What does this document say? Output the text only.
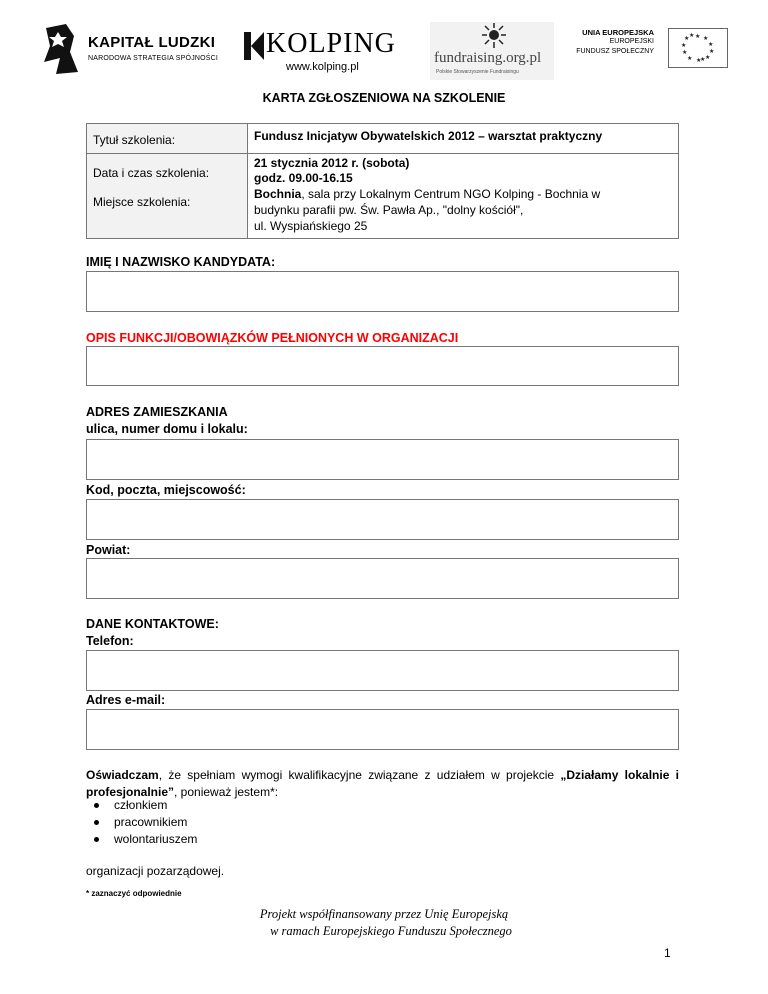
KAPITAŁ LUDZKI
NARODOWA STRATEGIA SPÓJNOŚCI KOLPING
www.kolping.pl
fundraising.org.pl
Polskie Stowarzyszenie Fundraisingu
UNIA EUROPEJSKA
EUROPEJSKI
FUNDUSZ SPOŁECZNY
★ ★
★
★
★
★
★
★
★
★ ★
★
KARTA ZGŁOSZENIOWA NA SZKOLENIE
Tytuł szkolenia:	Fundusz Inicjatyw Obywatelskich 2012 – warsztat praktyczny
Data i czas szkolenia:
Miejsce szkolenia:
21 stycznia 2012 r. (sobota)
godz. 09.00-16.15
Bochnia, sala przy Lokalnym Centrum NGO Kolping - Bochnia w
budynku parafii pw. Św. Pawła Ap., "dolny kościół",
ul. Wyspiańskiego 25
IMIĘ I NAZWISKO KANDYDATA:
OPIS FUNKCJI/OBOWIĄZKÓW PEŁNIONYCH W ORGANIZACJI
ADRES ZAMIESZKANIA
ulica, numer domu i lokalu:
Kod, poczta, miejscowość:
Powiat:
DANE KONTAKTOWE:
Telefon:
Adres e-mail:
Oświadczam, że spełniam wymogi kwalifikacyjne związane z udziałem w projekcie „Działamy lokalnie i profesjonalnie”, ponieważ jestem*:
członkiem
pracownikiem
wolontariuszem
organizacji pozarządowej.
* zaznaczyć odpowiednie
Projekt współfinansowany przez Unię Europejską
w ramach Europejskiego Funduszu Społecznego
1
